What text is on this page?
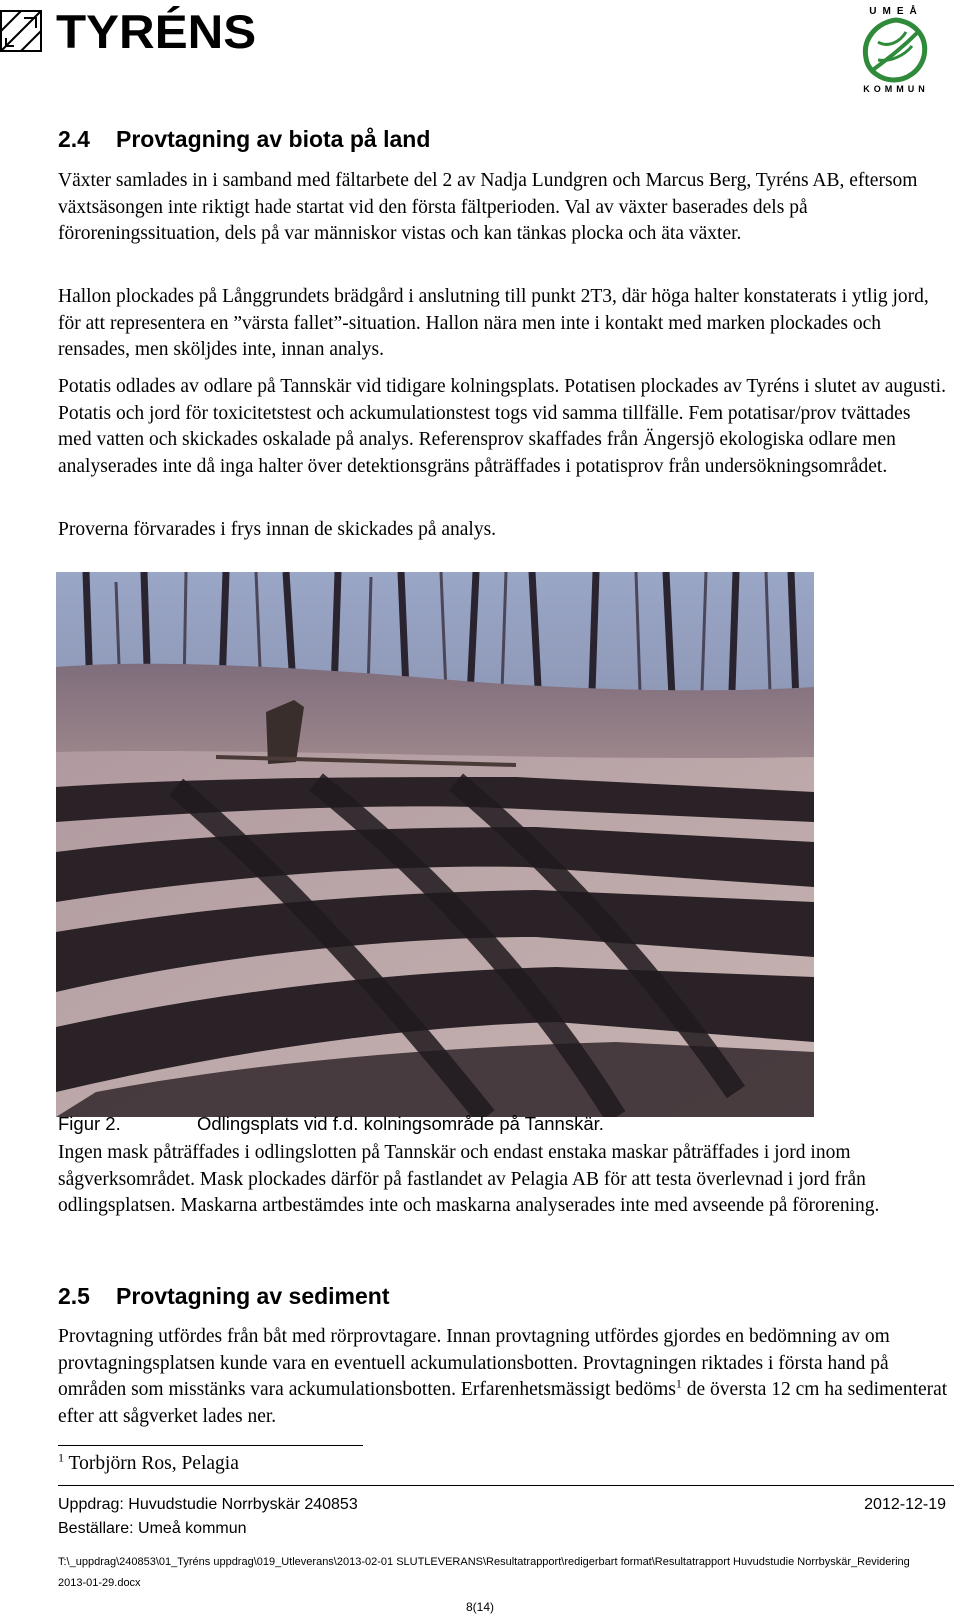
TYRÉNS	UMEÅ
KOMMUN
2.4	Provtagning av biota på land
Växter samlades in i samband med fältarbete del 2 av Nadja Lundgren och Marcus Berg, Tyréns AB, eftersom växtsäsongen inte riktigt hade startat vid den första fältperioden. Val av växter baserades dels på föroreningssituation, dels på var människor vistas och kan tänkas plocka och äta växter.
Hallon plockades på Långgrundets brädgård i anslutning till punkt 2T3, där höga halter konstaterats i ytlig jord, för att representera en ”värsta fallet”-situation. Hallon nära men inte i kontakt med marken plockades och rensades, men sköljdes inte, innan analys.
Potatis odlades av odlare på Tannskär vid tidigare kolningsplats. Potatisen plockades av Tyréns i slutet av augusti. Potatis och jord för toxicitetstest och ackumulationstest togs vid samma tillfälle. Fem potatisar/prov tvättades med vatten och skickades oskalade på analys. Referensprov skaffades från Ängersjö ekologiska odlare men analyserades inte då inga halter över detektionsgräns påträffades i potatisprov från undersökningsområdet.
Proverna förvarades i frys innan de skickades på analys.
Figur 2.	Odlingsplats vid f.d. kolningsområde på Tannskär.
Ingen mask påträffades i odlingslotten på Tannskär och endast enstaka maskar påträffades i jord inom sågverksområdet. Mask plockades därför på fastlandet av Pelagia AB för att testa överlevnad i jord från odlingsplatsen. Maskarna artbestämdes inte och maskarna analyserades inte med avseende på förorening.
2.5	Provtagning av sediment
Provtagning utfördes från båt med rörprovtagare. Innan provtagning utfördes gjordes en bedömning av om provtagningsplatsen kunde vara en eventuell ackumulationsbotten. Provtagningen riktades i första hand på områden som misstänks vara ackumulationsbotten. Erfarenhetsmässigt bedöms$^1$ de översta 12 cm ha sedimenterat efter att sågverket lades ner.
$^1$ Torbjörn Ros, Pelagia
Uppdrag: Huvudstudie Norrbyskär 240853	2012-12-19
Beställare: Umeå kommun
T:\_uppdrag\240853\01_Tyréns uppdrag\019_Utleverans\2013-02-01 SLUTLEVERANS\Resultatrapport\redigerbart format\Resultatrapport Huvudstudie Norrbyskär_Revidering 2013-01-29.docx
8(14)
